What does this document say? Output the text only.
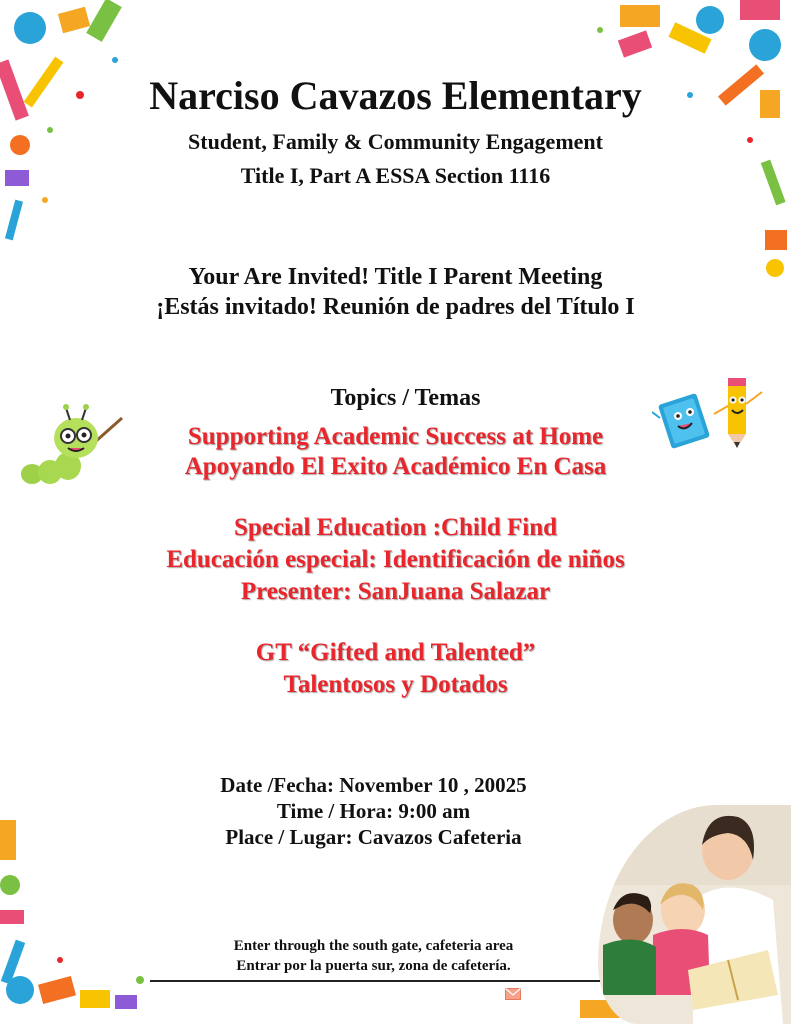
Narciso Cavazos Elementary
Student, Family & Community Engagement
Title I, Part A ESSA Section 1116
Your Are Invited! Title I Parent Meeting
¡Estás invitado! Reunión de padres del Título I
Topics / Temas
Supporting Academic Success at Home
Apoyando El Exito Académico En Casa
Special Education :Child Find
Educación especial: Identificación de niños
Presenter: SanJuana Salazar
GT “Gifted and Talented”
Talentosos y Dotados
Date /Fecha: November 10 , 20025
Time / Hora: 9:00 am
Place / Lugar: Cavazos Cafeteria
Enter through the south gate, cafeteria area
Entrar por la puerta sur, zona de cafetería.
